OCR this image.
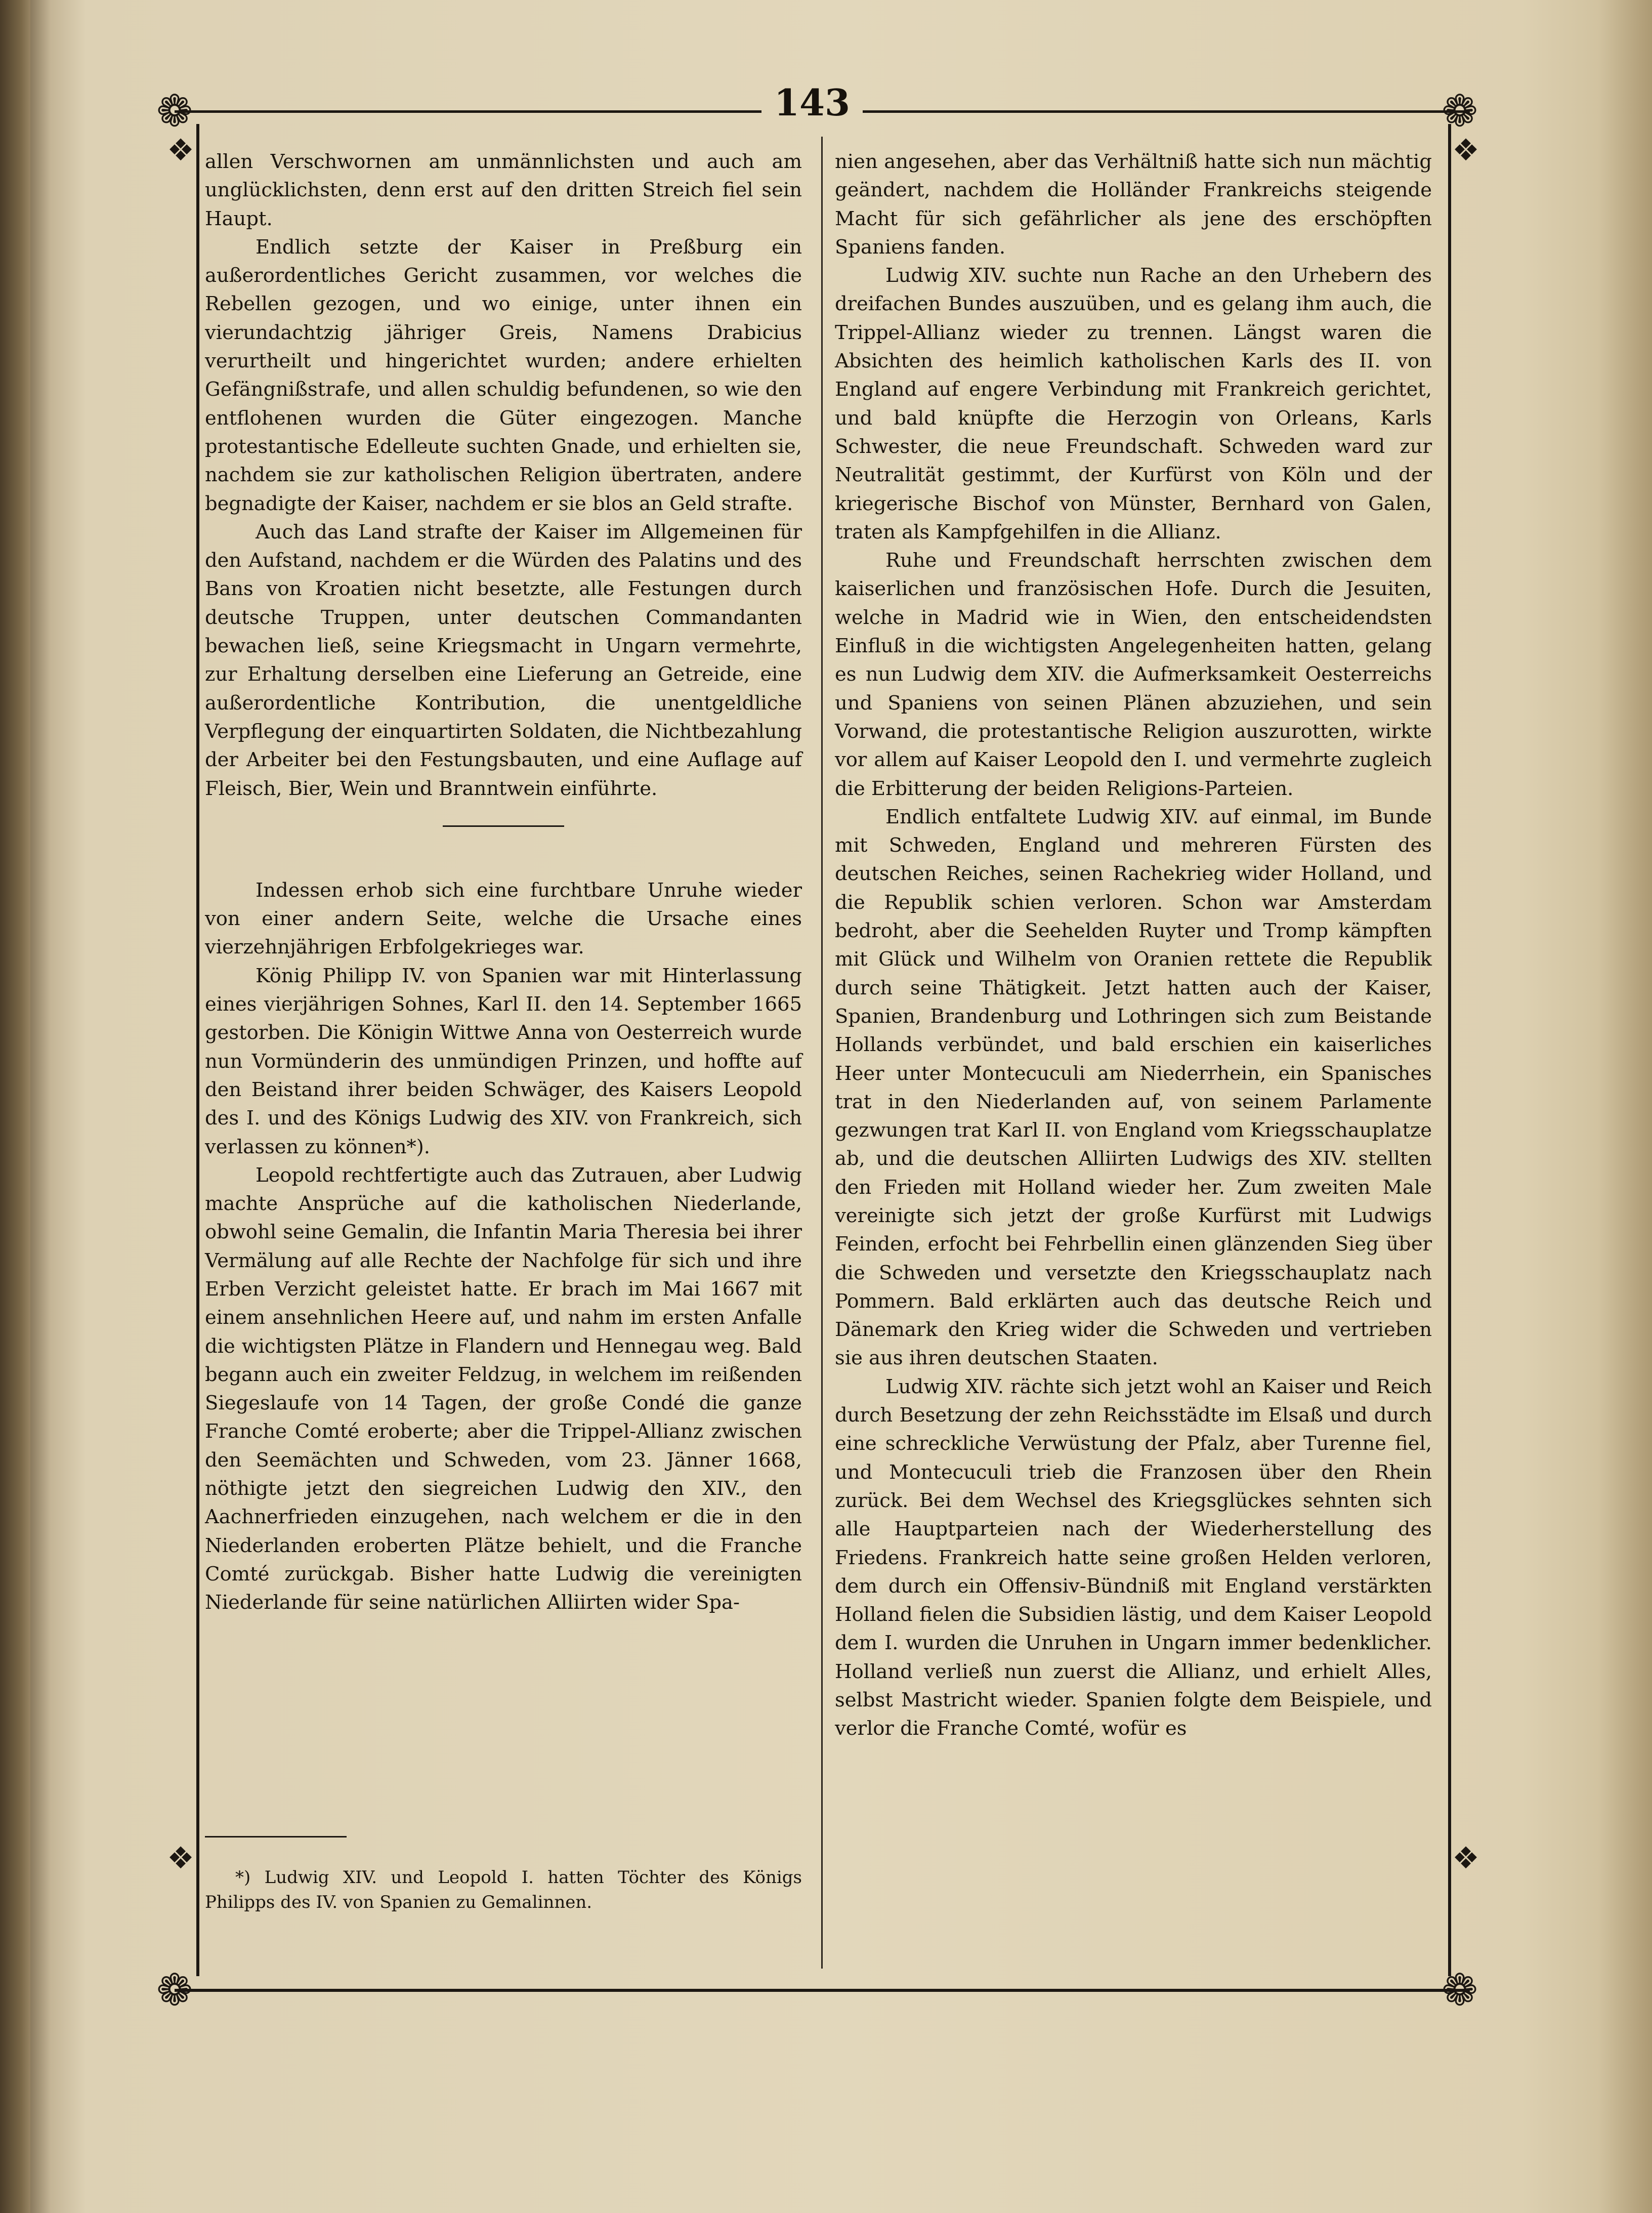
❁	❁
❁	❁
❖	❖
❖	❖
143

allen Verschwornen am unmännlichsten und auch am unglücklichsten, denn erst auf den dritten Streich fiel sein Haupt.

Endlich setzte der Kaiser in Preßburg ein außerordentliches Gericht zusammen, vor welches die Rebellen gezogen, und wo einige, unter ihnen ein vierundachtzig jähriger Greis, Namens Drabicius verurtheilt und hingerichtet wurden; andere erhielten Gefängnißstrafe, und allen schuldig befundenen, so wie den entflohenen wurden die Güter eingezogen. Manche protestantische Edelleute suchten Gnade, und erhielten sie, nachdem sie zur katholischen Religion übertraten, andere begnadigte der Kaiser, nachdem er sie blos an Geld strafte.

Auch das Land strafte der Kaiser im Allgemeinen für den Aufstand, nachdem er die Würden des Palatins und des Bans von Kroatien nicht besetzte, alle Festungen durch deutsche Truppen, unter deutschen Commandanten bewachen ließ, seine Kriegsmacht in Ungarn vermehrte, zur Erhaltung derselben eine Lieferung an Getreide, eine außerordentliche Kontribution, die unentgeldliche Verpflegung der einquartirten Soldaten, die Nichtbezahlung der Arbeiter bei den Festungsbauten, und eine Auflage auf Fleisch, Bier, Wein und Branntwein einführte.

Indessen erhob sich eine furchtbare Unruhe wieder von einer andern Seite, welche die Ursache eines vierzehnjährigen Erbfolgekrieges war.

König Philipp IV. von Spanien war mit Hinterlassung eines vierjährigen Sohnes, Karl II. den 14. September 1665 gestorben. Die Königin Wittwe Anna von Oesterreich wurde nun Vormünderin des unmündigen Prinzen, und hoffte auf den Beistand ihrer beiden Schwäger, des Kaisers Leopold des I. und des Königs Ludwig des XIV. von Frankreich, sich verlassen zu können*).

Leopold rechtfertigte auch das Zutrauen, aber Ludwig machte Ansprüche auf die katholischen Niederlande, obwohl seine Gemalin, die Infantin Maria Theresia bei ihrer Vermälung auf alle Rechte der Nachfolge für sich und ihre Erben Verzicht geleistet hatte. Er brach im Mai 1667 mit einem ansehnlichen Heere auf, und nahm im ersten Anfalle die wichtigsten Plätze in Flandern und Hennegau weg. Bald begann auch ein zweiter Feldzug, in welchem im reißenden Siegeslaufe von 14 Tagen, der große Condé die ganze Franche Comté eroberte; aber die Trippel-Allianz zwischen den Seemächten und Schweden, vom 23. Jänner 1668, nöthigte jetzt den siegreichen Ludwig den XIV., den Aachnerfrieden einzugehen, nach welchem er die in den Niederlanden eroberten Plätze behielt, und die Franche Comté zurückgab. Bisher hatte Ludwig die vereinigten Niederlande für seine natürlichen Alliirten wider Spa-

*) Ludwig XIV. und Leopold I. hatten Töchter des Königs Philipps des IV. von Spanien zu Gemalinnen.

nien angesehen, aber das Verhältniß hatte sich nun mächtig geändert, nachdem die Holländer Frankreichs steigende Macht für sich gefährlicher als jene des erschöpften Spaniens fanden.

Ludwig XIV. suchte nun Rache an den Urhebern des dreifachen Bundes auszuüben, und es gelang ihm auch, die Trippel-Allianz wieder zu trennen. Längst waren die Absichten des heimlich katholischen Karls des II. von England auf engere Verbindung mit Frankreich gerichtet, und bald knüpfte die Herzogin von Orleans, Karls Schwester, die neue Freundschaft. Schweden ward zur Neutralität gestimmt, der Kurfürst von Köln und der kriegerische Bischof von Münster, Bernhard von Galen, traten als Kampfgehilfen in die Allianz.

Ruhe und Freundschaft herrschten zwischen dem kaiserlichen und französischen Hofe. Durch die Jesuiten, welche in Madrid wie in Wien, den entscheidendsten Einfluß in die wichtigsten Angelegenheiten hatten, gelang es nun Ludwig dem XIV. die Aufmerksamkeit Oesterreichs und Spaniens von seinen Plänen abzuziehen, und sein Vorwand, die protestantische Religion auszurotten, wirkte vor allem auf Kaiser Leopold den I. und vermehrte zugleich die Erbitterung der beiden Religions-Parteien.

Endlich entfaltete Ludwig XIV. auf einmal, im Bunde mit Schweden, England und mehreren Fürsten des deutschen Reiches, seinen Rachekrieg wider Holland, und die Republik schien verloren. Schon war Amsterdam bedroht, aber die Seehelden Ruyter und Tromp kämpften mit Glück und Wilhelm von Oranien rettete die Republik durch seine Thätigkeit. Jetzt hatten auch der Kaiser, Spanien, Brandenburg und Lothringen sich zum Beistande Hollands verbündet, und bald erschien ein kaiserliches Heer unter Montecuculi am Niederrhein, ein Spanisches trat in den Niederlanden auf, von seinem Parlamente gezwungen trat Karl II. von England vom Kriegsschauplatze ab, und die deutschen Alliirten Ludwigs des XIV. stellten den Frieden mit Holland wieder her. Zum zweiten Male vereinigte sich jetzt der große Kurfürst mit Ludwigs Feinden, erfocht bei Fehrbellin einen glänzenden Sieg über die Schweden und versetzte den Kriegsschauplatz nach Pommern. Bald erklärten auch das deutsche Reich und Dänemark den Krieg wider die Schweden und vertrieben sie aus ihren deutschen Staaten.

Ludwig XIV. rächte sich jetzt wohl an Kaiser und Reich durch Besetzung der zehn Reichsstädte im Elsaß und durch eine schreckliche Verwüstung der Pfalz, aber Turenne fiel, und Montecuculi trieb die Franzosen über den Rhein zurück. Bei dem Wechsel des Kriegsglückes sehnten sich alle Hauptparteien nach der Wiederherstellung des Friedens. Frankreich hatte seine großen Helden verloren, dem durch ein Offensiv-Bündniß mit England verstärkten Holland fielen die Subsidien lästig, und dem Kaiser Leopold dem I. wurden die Unruhen in Ungarn immer bedenklicher. Holland verließ nun zuerst die Allianz, und erhielt Alles, selbst Mastricht wieder. Spanien folgte dem Beispiele, und verlor die Franche Comté, wofür es
